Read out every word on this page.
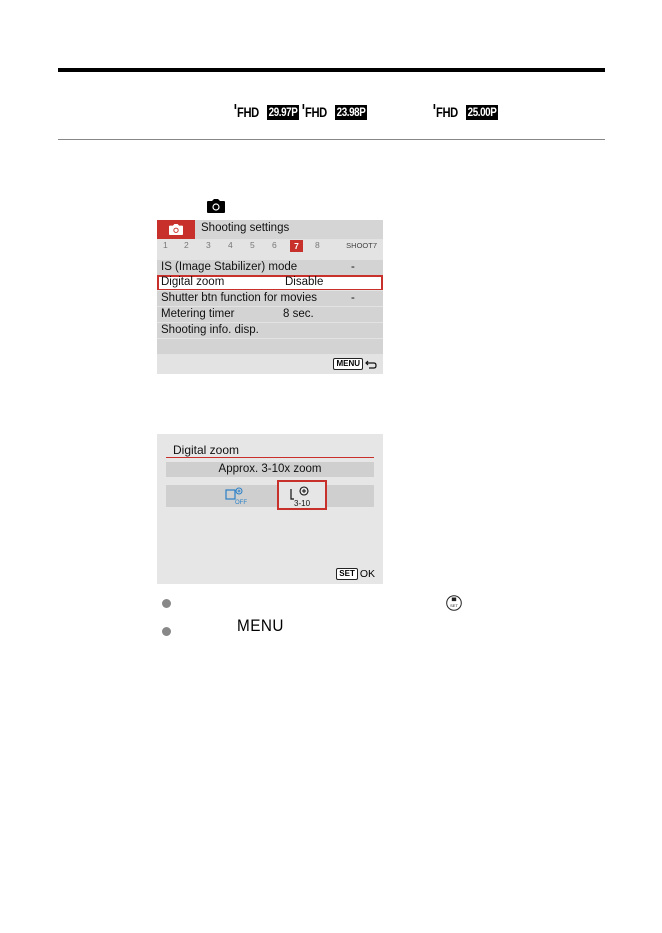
FHD 29.97P FHD 23.98P	FHD 25.00P
Shooting settings
1 2 3 4 5 6	7	8	SHOOT7
IS (Image Stabilizer) mode	-
Digital zoom	Disable
Shutter btn function for movies	-
Metering timer	8 sec.
Shooting info. disp.
MENU
Digital zoom
Approx. 3-10x zoom
OFF	3-10
SET OK
SET
MENU
